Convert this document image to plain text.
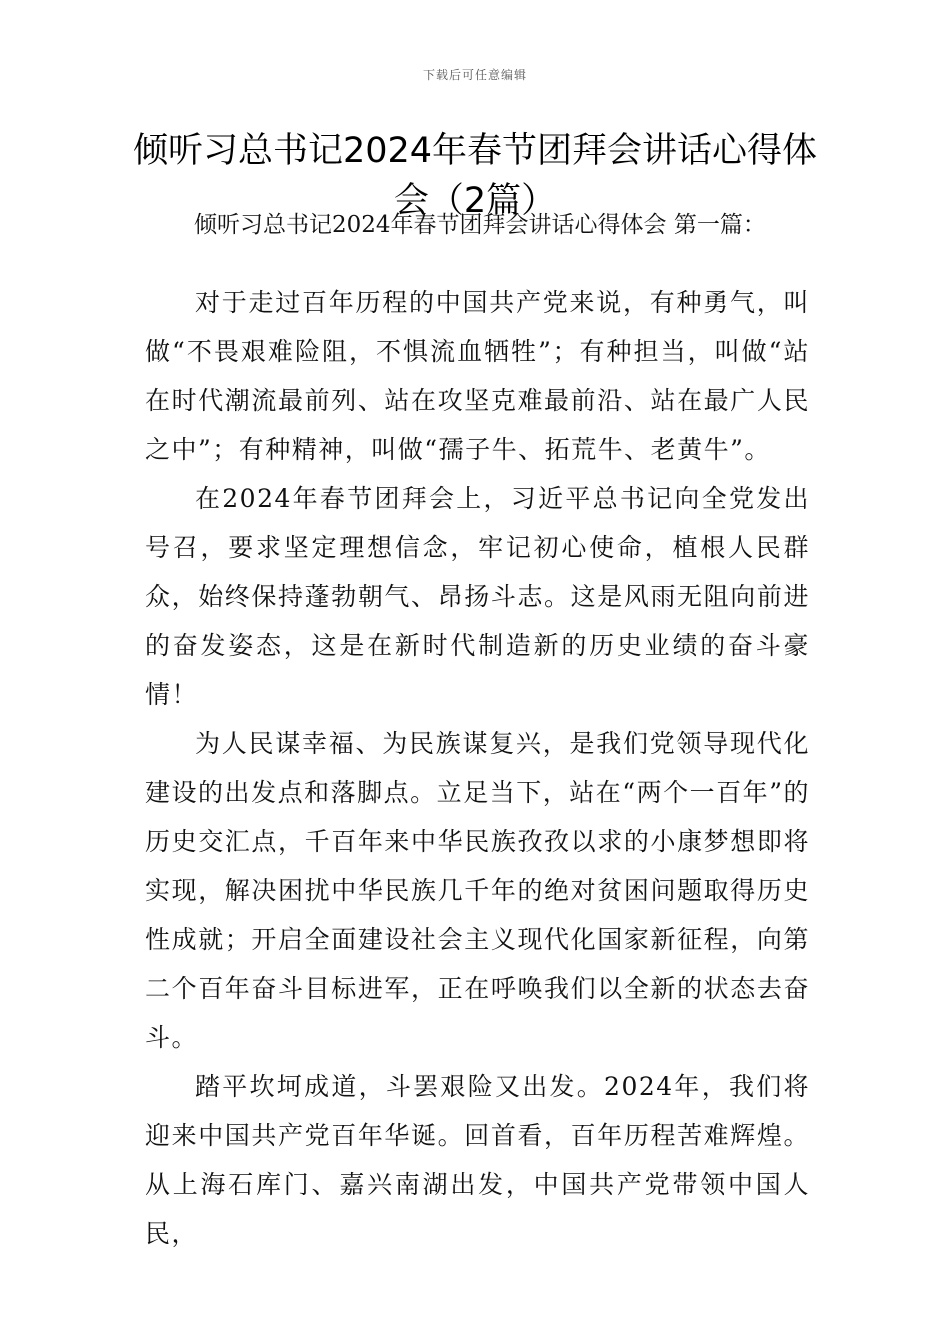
下载后可任意编辑
倾听习总书记2024年春节团拜会讲话心得体会（2篇）
倾听习总书记2024年春节团拜会讲话心得体会 第一篇：

对于走过百年历程的中国共产党来说，有种勇气，叫做“不畏艰难险阻，不惧流血牺牲”；有种担当，叫做“站在时代潮流最前列、站在攻坚克难最前沿、站在最广人民之中”；有种精神，叫做“孺子牛、拓荒牛、老黄牛”。

在2024年春节团拜会上，习近平总书记向全党发出号召，要求坚定理想信念，牢记初心使命，植根人民群众，始终保持蓬勃朝气、昂扬斗志。这是风雨无阻向前进的奋发姿态，这是在新时代制造新的历史业绩的奋斗豪情！

为人民谋幸福、为民族谋复兴，是我们党领导现代化建设的出发点和落脚点。立足当下，站在“两个一百年”的历史交汇点，千百年来中华民族孜孜以求的小康梦想即将实现，解决困扰中华民族几千年的绝对贫困问题取得历史性成就；开启全面建设社会主义现代化国家新征程，向第二个百年奋斗目标进军，正在呼唤我们以全新的状态去奋斗。

踏平坎坷成道，斗罢艰险又出发。2024年，我们将迎来中国共产党百年华诞。回首看，百年历程苦难辉煌。从上海石库门、嘉兴南湖出发，中国共产党带领中国人民，
